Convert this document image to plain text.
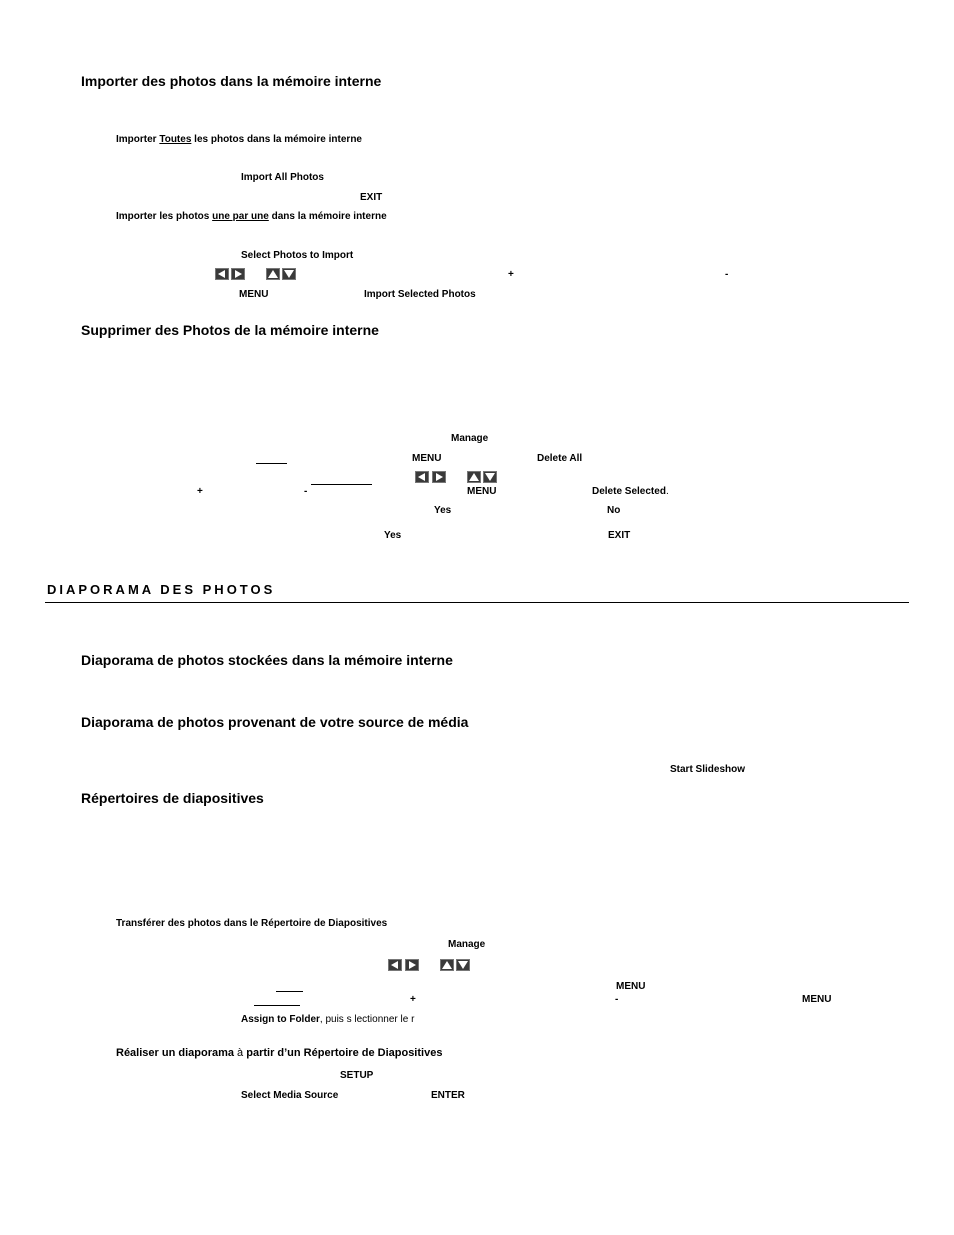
Importer des photos dans la mémoire interne
Importer Toutes les photos dans la mémoire interne
Import All Photos
EXIT
Importer les photos une par une dans la mémoire interne
Select Photos to Import
+	-
MENU	Import Selected Photos
Supprimer des Photos de la mémoire interne
Manage
MENU	Delete All
+	-	MENU	Delete Selected.
Yes	No
Yes	EXIT
DIAPORAMA DES PHOTOS
Diaporama de photos stockées dans la mémoire interne
Diaporama de photos provenant de votre source de média
Start Slideshow
Répertoires de diapositives
Transférer des photos dans le Répertoire de Diapositives
Manage
MENU
+	-	MENU
Assign to Folder, puis s lectionner le r
Réaliser un diaporama à partir d’un Répertoire de Diapositives
SETUP
Select Media Source	ENTER
